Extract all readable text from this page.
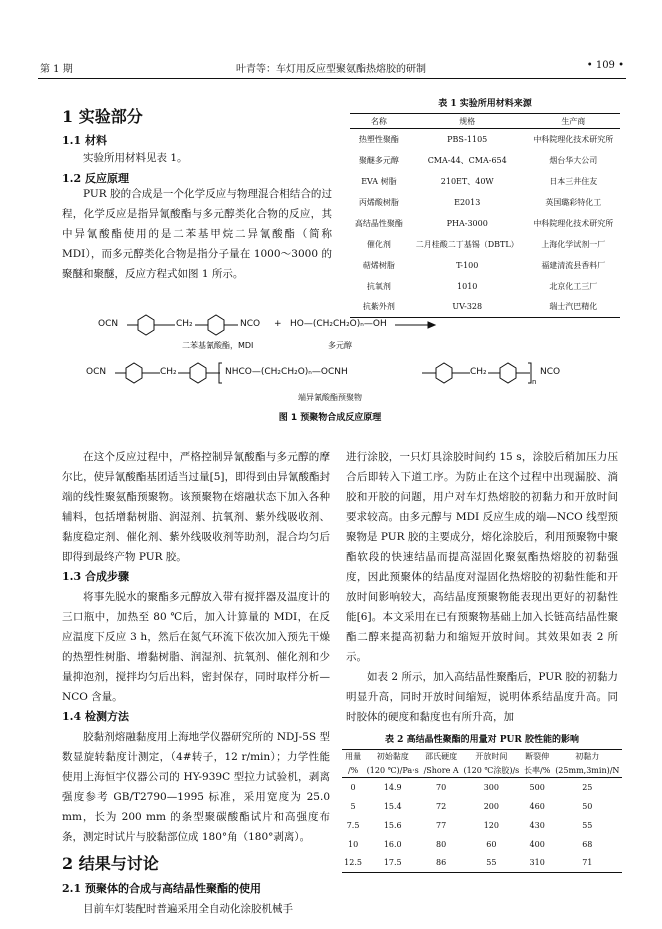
第 1 期	叶青等：车灯用反应型聚氨酯热熔胶的研制	• 109 •
1 实验部分
1.1 材料

实验所用材料见表 1。

1.2 反应原理

PUR 胶的合成是一个化学反应与物理混合相结合的过程，化学反应是指异氰酸酯与多元醇类化合物的反应，其中异氰酸酯使用的是二苯基甲烷二异氰酸酯（简称 MDI），而多元醇类化合物是指分子量在 1000～3000 的聚醚和聚醚，反应方程式如图 1 所示。

表 1 实验所用材料来源
名称	规格	生产商
热塑性聚酯	PBS-1105	中科院理化技术研究所
聚醚多元醇	CMA-44、CMA-654	烟台华大公司
EVA 树脂	210ET、40W	日本三井住友
丙烯酸树脂	E2013	英国璐彩特化工
高结晶性聚酯	PHA-3000	中科院理化技术研究所
催化剂	二月桂酸二丁基锡（DBTL）	上海化学试剂一厂
萜烯树脂	T-100	福建清流县香料厂
抗氧剂	1010	北京化工三厂
抗紫外剂	UV-328	瑞士汽巴精化
OCN	CH₂	NCO + HO—(CH₂CH₂O)ₙ—OH
二苯基氰酸酯，MDI	多元醇
OCN	CH₂	NHCO—(CH₂CH₂O)ₙ—OCNH	CH₂
n
NCO
端异氰酸酯预聚物
图 1 预聚物合成反应原理

在这个反应过程中，严格控制异氰酸酯与多元醇的摩尔比，使异氰酸酯基团适当过量[5]，即得到由异氰酸酯封端的线性聚氨酯预聚物。该预聚物在熔融状态下加入各种辅料，包括增黏树脂、润湿剂、抗氧剂、紫外线吸收剂、黏度稳定剂、催化剂、紫外线吸收剂等助剂，混合均匀后即得到最终产物 PUR 胶。

1.3 合成步骤

将事先脱水的聚酯多元醇放入带有搅拌器及温度计的三口瓶中，加热至 80 ℃后，加入计算量的 MDI，在反应温度下反应 3 h，然后在氮气环流下依次加入预先干燥的热塑性树脂、增黏树脂、润湿剂、抗氧剂、催化剂和少量抑泡剂，搅拌均匀后出料，密封保存，同时取样分析—NCO 含量。

1.4 检测方法

胶黏剂熔融黏度用上海地学仪器研究所的 NDJ-5S 型数显旋转黏度计测定，（4#转子，12 r/min）；力学性能使用上海恒宇仪器公司的 HY-939C 型拉力试验机，剥离强度参考 GB/T2790—1995 标准，采用宽度为 25.0 mm，长为 200 mm 的条型聚碳酸酯试片和高强度布条，测定时试片与胶黏部位成 180°角（180°剥离）。

2 结果与讨论
2.1 预聚体的合成与高结晶性聚酯的使用

目前车灯装配时普遍采用全自动化涂胶机械手

进行涂胶，一只灯具涂胶时间约 15 s，涂胶后稍加压力压合后即转入下道工序。为防止在这个过程中出现漏胶、淌胶和开胶的问题，用户对车灯热熔胶的初黏力和开放时间要求较高。由多元醇与 MDI 反应生成的端—NCO 线型预聚物是 PUR 胶的主要成分，熔化涂胶后，利用预聚物中聚酯软段的快速结晶而提高湿固化聚氨酯热熔胶的初黏强度，因此预聚体的结晶度对湿固化热熔胶的初黏性能和开放时间影响较大，高结晶度预聚物能表现出更好的初黏性能[6]。本文采用在已有预聚物基础上加入长链高结晶性聚酯二醇来提高初黏力和缩短开放时间。其效果如表 2 所示。

如表 2 所示，加入高结晶性聚酯后，PUR 胶的初黏力明显升高，同时开放时间缩短，说明体系结晶度升高。同时胶体的硬度和黏度也有所升高，加

表 2 高结晶性聚酯的用量对 PUR 胶性能的影响
用量	初始黏度	邵氏硬度	开放时间	断裂伸	初黏力
/%	(120 ℃)/Pa·s	/Shore A	(120 ℃涂胶)/s	长率/%	(25mm,3min)/N
0	14.9	70	300	500	25
5	15.4	72	200	460	50
7.5	15.6	77	120	430	55
10	16.0	80	60	400	68
12.5	17.5	86	55	310	71
